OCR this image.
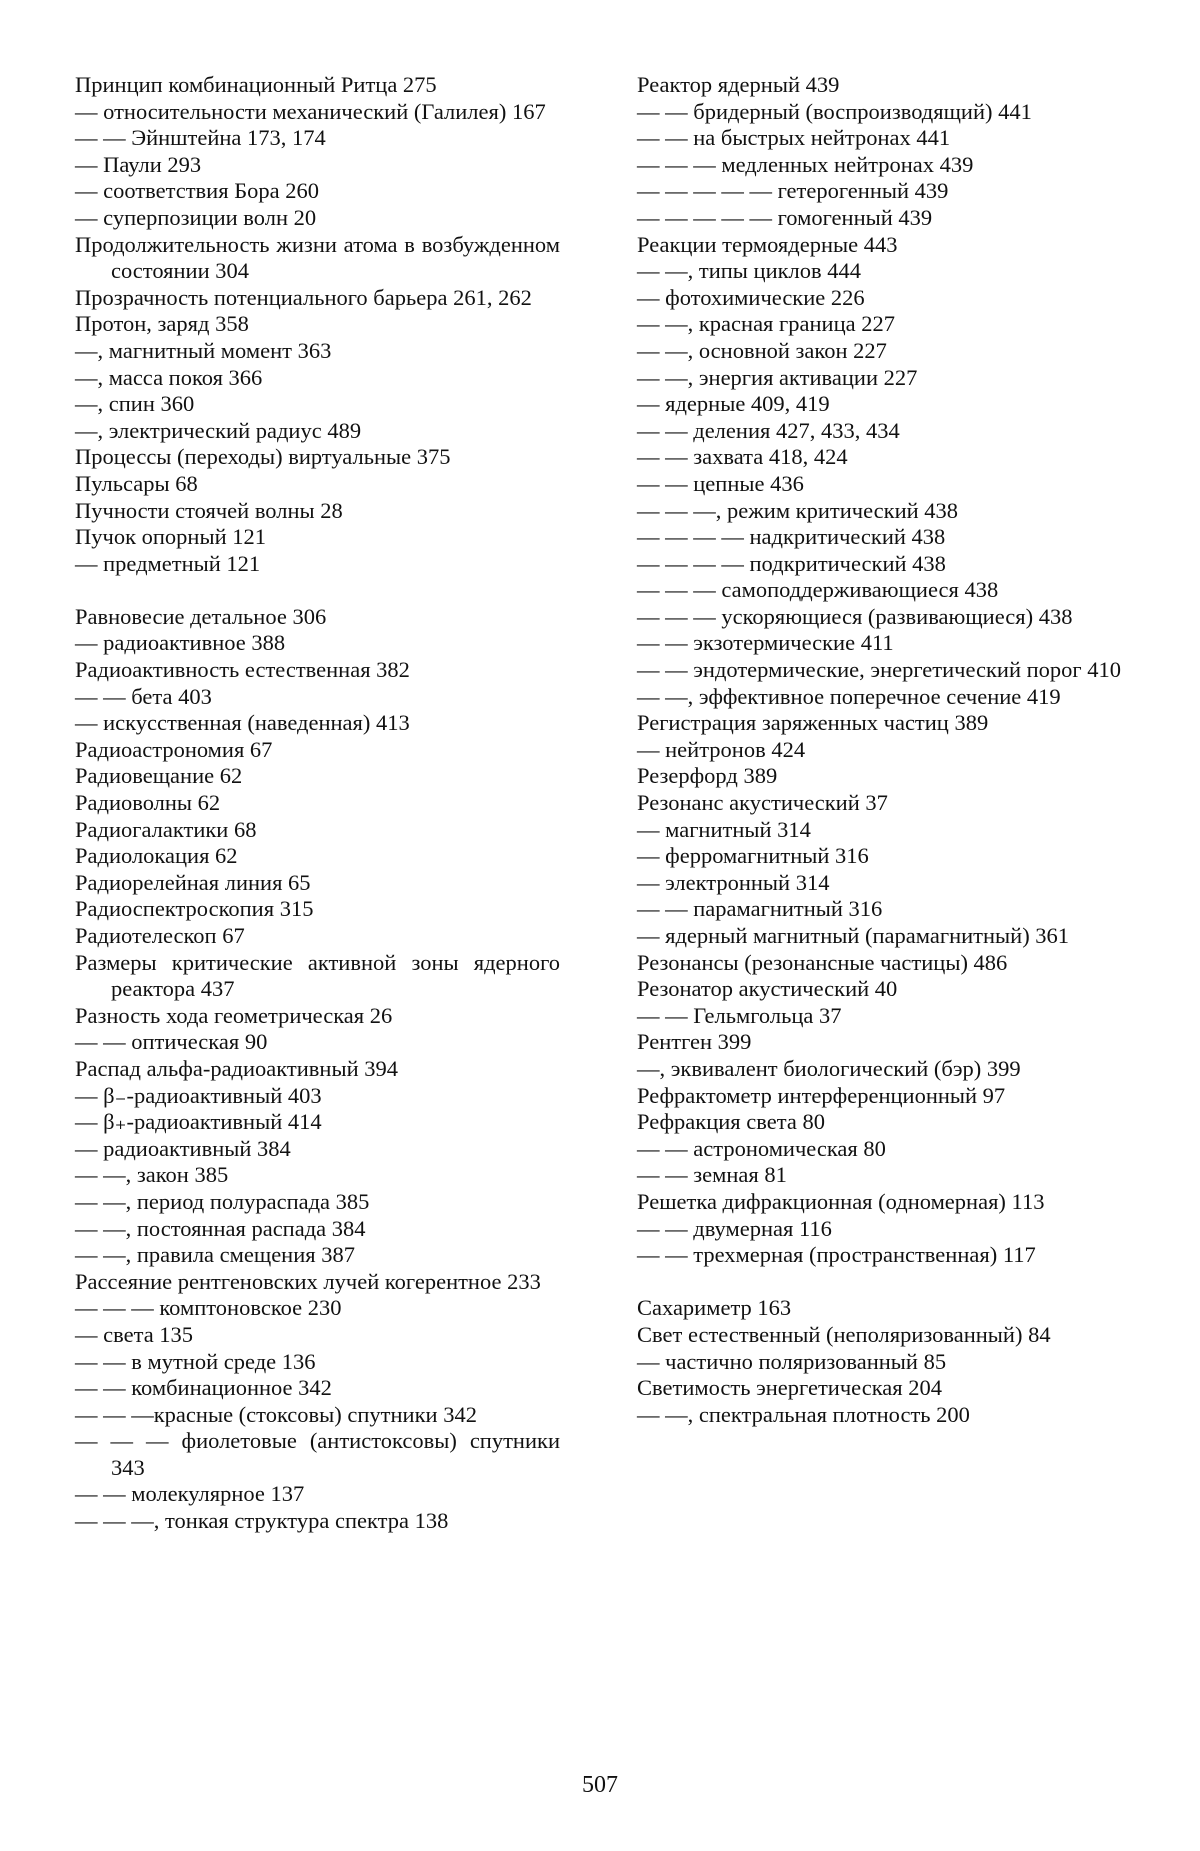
Принцип комбинационный Ритца 275
— относительности механический (Галилея) 167
— — Эйнштейна 173, 174
— Паули 293
— соответствия Бора 260
— суперпозиции волн 20
Продолжительность жизни атома в возбужденном состоянии 304
Прозрачность потенциального барьера 261, 262
Протон, заряд 358
—, магнитный момент 363
—, масса покоя 366
—, спин 360
—, электрический радиус 489
Процессы (переходы) виртуальные 375
Пульсары 68
Пучности стоячей волны 28
Пучок опорный 121
— предметный 121
Равновесие детальное 306
— радиоактивное 388
Радиоактивность естественная 382
— — бета 403
— искусственная (наведенная) 413
Радиоастрономия 67
Радиовещание 62
Радиоволны 62
Радиогалактики 68
Радиолокация 62
Радиорелейная линия 65
Радиоспектроскопия 315
Радиотелескоп 67
Размеры критические активной зоны ядерного реактора 437
Разность хода геометрическая 26
— — оптическая 90
Распад альфа-радиоактивный 394
— β₋-радиоактивный 403
— β₊-радиоактивный 414
— радиоактивный 384
— —, закон 385
— —, период полураспада 385
— —, постоянная распада 384
— —, правила смещения 387
Рассеяние рентгеновских лучей когерентное 233
— — — комптоновское 230
— света 135
— — в мутной среде 136
— — комбинационное 342
— — —красные (стоксовы) спутники 342
— — — фиолетовые (антистоксовы) спутники 343
— — молекулярное 137
— — —, тонкая структура спектра 138
Реактор ядерный 439
— — бридерный (воспроизводящий) 441
— — на быстрых нейтронах 441
— — — медленных нейтронах 439
— — — — — гетерогенный 439
— — — — — гомогенный 439
Реакции термоядерные 443
— —, типы циклов 444
— фотохимические 226
— —, красная граница 227
— —, основной закон 227
— —, энергия активации 227
— ядерные 409, 419
— — деления 427, 433, 434
— — захвата 418, 424
— — цепные 436
— — —, режим критический 438
— — — — надкритический 438
— — — — подкритический 438
— — — самоподдерживающиеся 438
— — — ускоряющиеся (развивающиеся) 438
— — экзотермические 411
— — эндотермические, энергетический порог 410
— —, эффективное поперечное сечение 419
Регистрация заряженных частиц 389
— нейтронов 424
Резерфорд 389
Резонанс акустический 37
— магнитный 314
— ферромагнитный 316
— электронный 314
— — парамагнитный 316
— ядерный магнитный (парамагнитный) 361
Резонансы (резонансные частицы) 486
Резонатор акустический 40
— — Гельмгольца 37
Рентген 399
—, эквивалент биологический (бэр) 399
Рефрактометр интерференционный 97
Рефракция света 80
— — астрономическая 80
— — земная 81
Решетка дифракционная (одномерная) 113
— — двумерная 116
— — трехмерная (пространственная) 117
Сахариметр 163
Свет естественный (неполяризованный) 84
— частично поляризованный 85
Светимость энергетическая 204
— —, спектральная плотность 200
507
